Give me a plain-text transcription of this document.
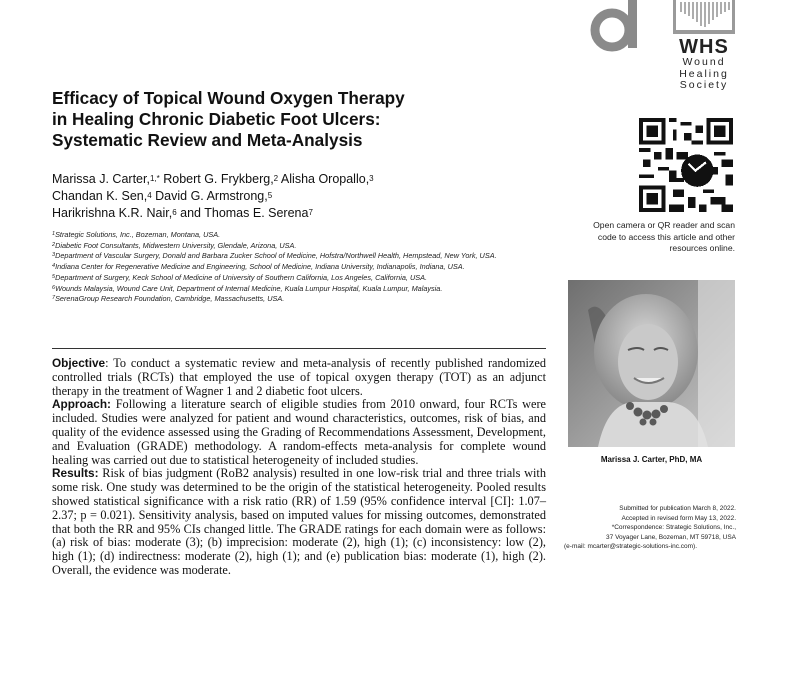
WHS
Wound
Healing
Society
Efficacy of Topical Wound Oxygen Therapy
in Healing Chronic Diabetic Foot Ulcers:
Systematic Review and Meta-Analysis
Marissa J. Carter,$^{1,*}$ Robert G. Frykberg,$^2$ Alisha Oropallo,$^3$
Chandan K. Sen,$^4$ David G. Armstrong,$^5$
Harikrishna K.R. Nair,$^6$ and Thomas E. Serena$^7$
$^1$Strategic Solutions, Inc., Bozeman, Montana, USA.
$^2$Diabetic Foot Consultants, Midwestern University, Glendale, Arizona, USA.
$^3$Department of Vascular Surgery, Donald and Barbara Zucker School of Medicine, Hofstra/Northwell Health, Hempstead, New York, USA.
$^4$Indiana Center for Regenerative Medicine and Engineering, School of Medicine, Indiana University, Indianapolis, Indiana, USA.
$^5$Department of Surgery, Keck School of Medicine of University of Southern California, Los Angeles, California, USA.
$^6$Wounds Malaysia, Wound Care Unit, Department of Internal Medicine, Kuala Lumpur Hospital, Kuala Lumpur, Malaysia.
$^7$SerenaGroup Research Foundation, Cambridge, Massachusetts, USA.

Objective: To conduct a systematic review and meta-analysis of recently published randomized controlled trials (RCTs) that employed the use of topical oxygen therapy (TOT) as an adjunct therapy in the treatment of Wagner 1 and 2 diabetic foot ulcers.

Approach: Following a literature search of eligible studies from 2010 onward, four RCTs were included. Studies were analyzed for patient and wound characteristics, outcomes, risk of bias, and quality of the evidence assessed using the Grading of Recommendations Assessment, Development, and Evaluation (GRADE) methodology. A random-effects meta-analysis for complete wound healing was carried out due to statistical heterogeneity of included studies.

Results: Risk of bias judgment (RoB2 analysis) resulted in one low-risk trial and three trials with some risk. One study was determined to be the origin of the statistical heterogeneity. Pooled results showed statistical significance with a risk ratio (RR) of 1.59 (95% confidence interval [CI]: 1.07–2.37; p = 0.021). Sensitivity analysis, based on imputed values for missing outcomes, demonstrated that both the RR and 95% CIs changed little. The GRADE ratings for each domain were as follows: (a) risk of bias: moderate (3); (b) imprecision: moderate (2), high (1); (c) inconsistency: low (2), high (1); (d) indirectness: moderate (2), high (1); and (e) publication bias: moderate (1), high (2). Overall, the evidence was moderate.

Open camera or QR reader and scan code to access this article and other resources online.
Marissa J. Carter, PhD, MA
Submitted for publication March 8, 2022.
Accepted in revised form May 13, 2022.
*Correspondence: Strategic Solutions, Inc.,
37 Voyager Lane, Bozeman, MT 59718, USA
(e-mail: mcarter@strategic-solutions-inc.com).
